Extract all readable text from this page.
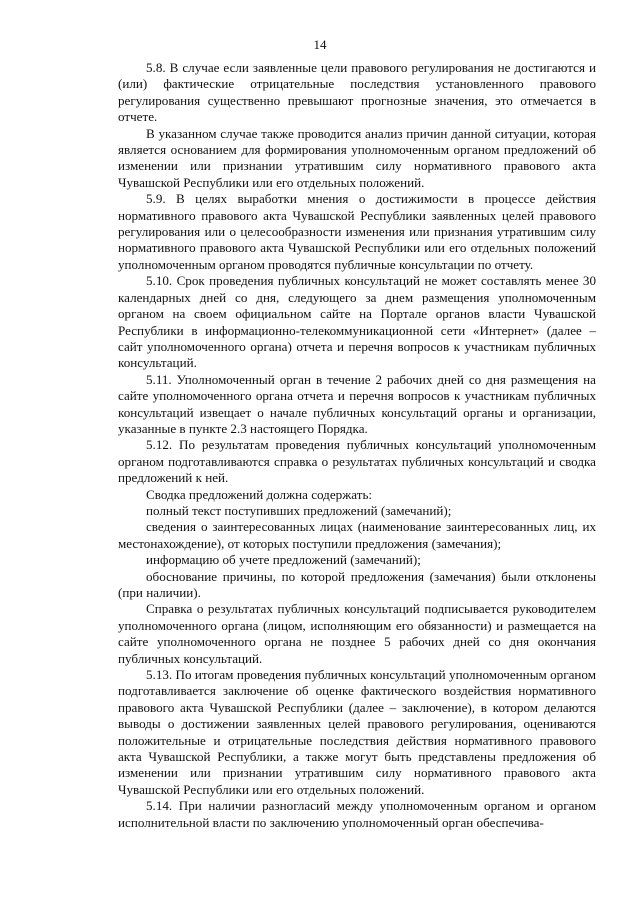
14

5.8. В случае если заявленные цели правового регулирования не достигаются и (или) фактические отрицательные последствия установленного правового регулирования существенно превышают прогнозные значения, это отмечается в отчете.

В указанном случае также проводится анализ причин данной ситуации, которая является основанием для формирования уполномоченным органом предложений об изменении или признании утратившим силу нормативного правового акта Чувашской Республики или его отдельных положений.

5.9. В целях выработки мнения о достижимости в процессе действия нормативного правового акта Чувашской Республики заявленных целей правового регулирования или о целесообразности изменения или признания утратившим силу нормативного правового акта Чувашской Республики или его отдельных положений уполномоченным органом проводятся публичные консультации по отчету.

5.10. Срок проведения публичных консультаций не может составлять менее 30 календарных дней со дня, следующего за днем размещения уполномоченным органом на своем официальном сайте на Портале органов власти Чувашской Республики в информационно-телекоммуникационной сети «Интернет» (далее – сайт уполномоченного органа) отчета и перечня вопросов к участникам публичных консультаций.

5.11. Уполномоченный орган в течение 2 рабочих дней со дня размещения на сайте уполномоченного органа отчета и перечня вопросов к участникам публичных консультаций извещает о начале публичных консультаций органы и организации, указанные в пункте 2.3 настоящего Порядка.

5.12. По результатам проведения публичных консультаций уполномоченным органом подготавливаются справка о результатах публичных консультаций и сводка предложений к ней.

Сводка предложений должна содержать:

полный текст поступивших предложений (замечаний);

сведения о заинтересованных лицах (наименование заинтересованных лиц, их местонахождение), от которых поступили предложения (замечания);

информацию об учете предложений (замечаний);

обоснование причины, по которой предложения (замечания) были отклонены (при наличии).

Справка о результатах публичных консультаций подписывается руководителем уполномоченного органа (лицом, исполняющим его обязанности) и размещается на сайте уполномоченного органа не позднее 5 рабочих дней со дня окончания публичных консультаций.

5.13. По итогам проведения публичных консультаций уполномоченным органом подготавливается заключение об оценке фактического воздействия нормативного правового акта Чувашской Республики (далее – заключение), в котором делаются выводы о достижении заявленных целей правового регулирования, оцениваются положительные и отрицательные последствия действия нормативного правового акта Чувашской Республики, а также могут быть представлены предложения об изменении или признании утратившим силу нормативного правового акта Чувашской Республики или его отдельных положений.

5.14. При наличии разногласий между уполномоченным органом и органом исполнительной власти по заключению уполномоченный орган обеспечива-
